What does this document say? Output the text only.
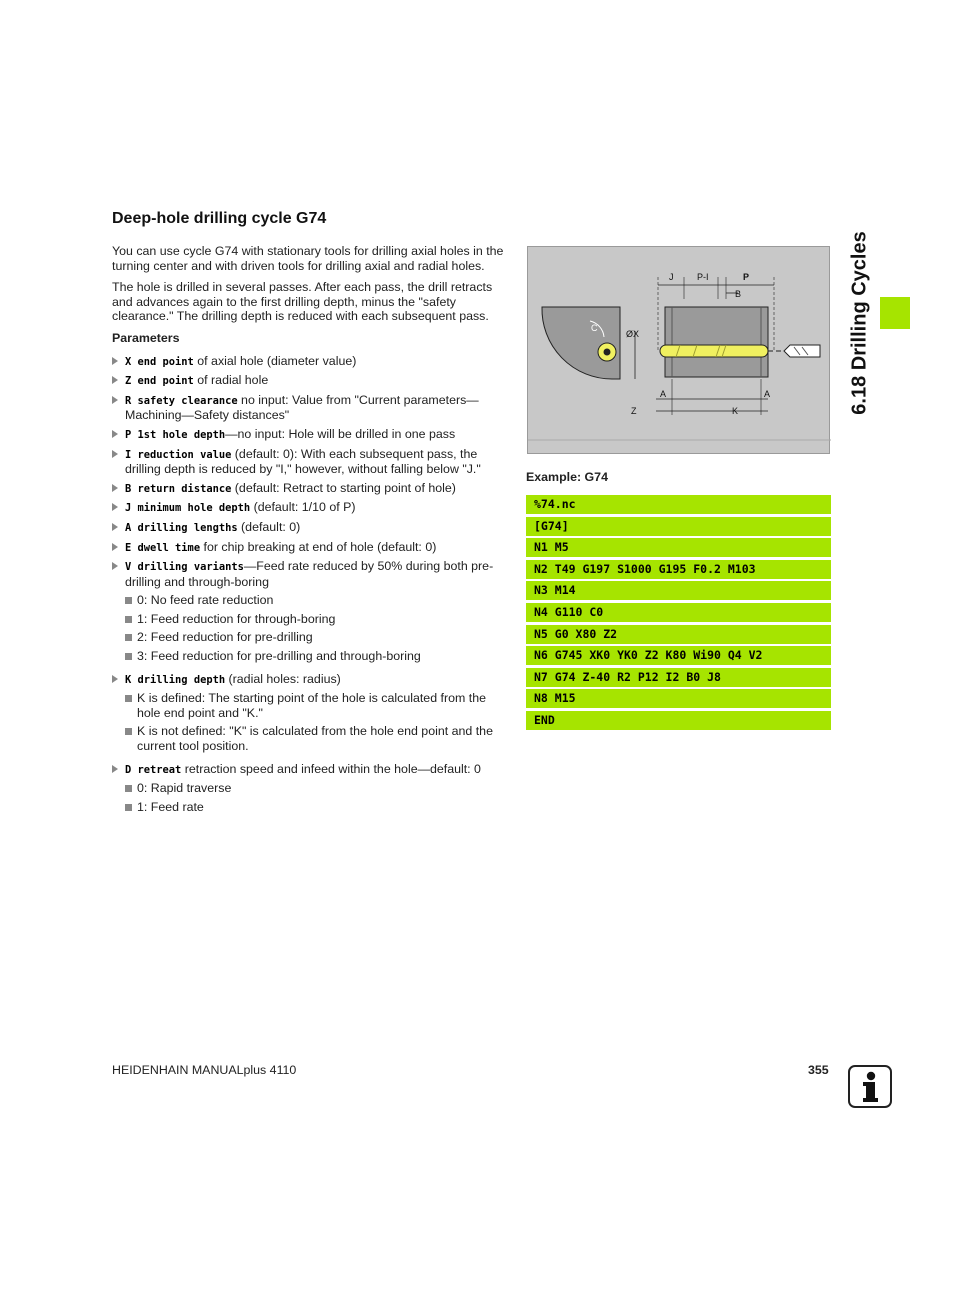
Deep-hole drilling cycle G74

You can use cycle G74 with stationary tools for drilling axial holes in the turning center and with driven tools for drilling axial and radial holes.

The hole is drilled in several passes. After each pass, the drill retracts and advances again to the first drilling depth, minus the "safety clearance." The drilling depth is reduced with each subsequent pass.

Parameters
X end point of axial hole (diameter value)
Z end point of radial hole
R safety clearance no input: Value from "Current parameters—Machining—Safety distances"
P 1st hole depth—no input: Hole will be drilled in one pass
I reduction value (default: 0): With each subsequent pass, the drilling depth is reduced by "I," however, without falling below "J."
B return distance (default: Retract to starting point of hole)
J minimum hole depth (default: 1/10 of P)
A drilling lengths (default: 0)
E dwell time for chip breaking at end of hole (default: 0)
V drilling variants—Feed rate reduced by 50% during both pre-drilling and through-boring
0: No feed rate reduction
1: Feed reduction for through-boring
2: Feed reduction for pre-drilling
3: Feed reduction for pre-drilling and through-boring
K drilling depth (radial holes: radius)
K is defined: The starting point of the hole is calculated from the hole end point and "K."
K is not defined: "K" is calculated from the hole end point and the current tool position.
D retreat retraction speed and infeed within the hole—default: 0
0: Rapid traverse
1: Feed rate
C
J	P-I	P
B
ØX
A	A
Z	K
Example: G74
%74.nc
[G74]
N1 M5
N2 T49 G197 S1000 G195 F0.2 M103
N3 M14
N4 G110 C0
N5 G0 X80 Z2
N6 G745 XK0 YK0 Z2 K80 Wi90 Q4 V2
N7 G74 Z-40 R2 P12 I2 B0 J8
N8 M15
END
6.18 Drilling Cycles
HEIDENHAIN MANUALplus 4110	355
